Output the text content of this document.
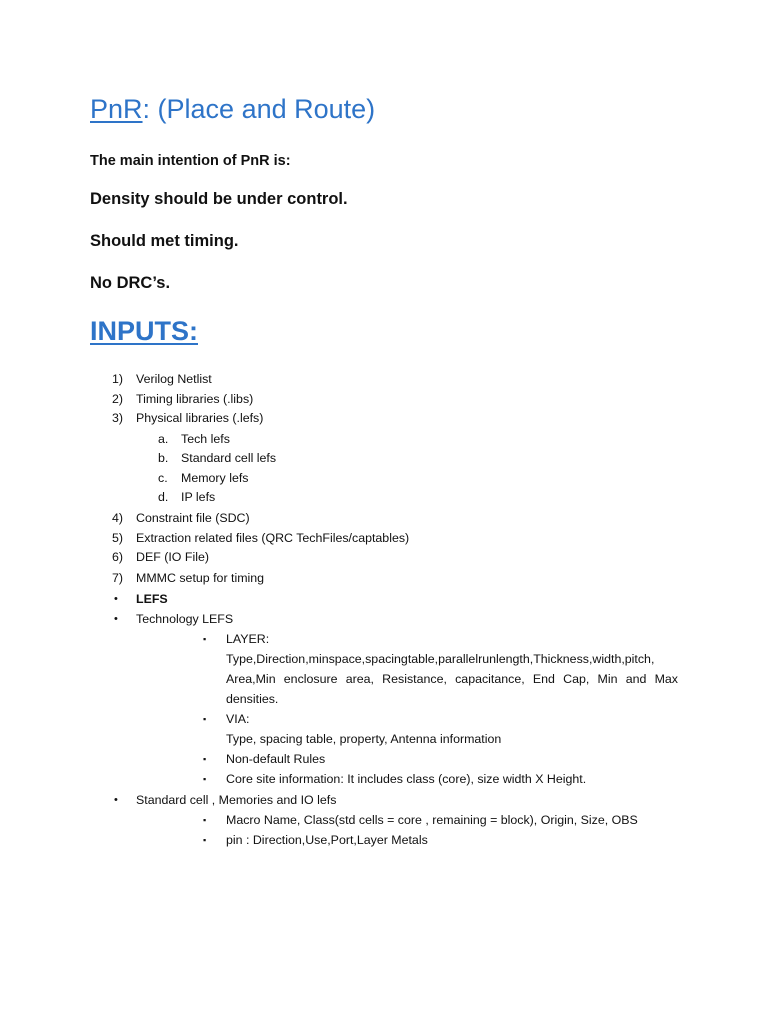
PnR: (Place and Route)

The main intention of PnR is:

Density should be under control.

Should met timing.

No DRC’s.

INPUTS:
1) Verilog Netlist
2) Timing libraries (.libs)
3) Physical libraries (.lefs)
a. Tech lefs
b. Standard cell lefs
c. Memory lefs
d. IP lefs
4) Constraint file (SDC)
5) Extraction related files (QRC TechFiles/captables)
6) DEF (IO File)
7) MMMC setup for timing
• LEFS
• Technology LEFS
▪ LAYER:

Type,Direction,minspace,spacingtable,parallelrunlength,Thickness,width,pitch, Area,Min enclosure area, Resistance, capacitance, End Cap, Min and Max densities.

▪ VIA:
Type, spacing table, property, Antenna information
▪ Non-default Rules
▪ Core site information: It includes class (core), size width X Height.
• Standard cell , Memories and IO lefs
▪ Macro Name, Class(std cells = core , remaining = block), Origin, Size, OBS
▪ pin : Direction,Use,Port,Layer Metals
